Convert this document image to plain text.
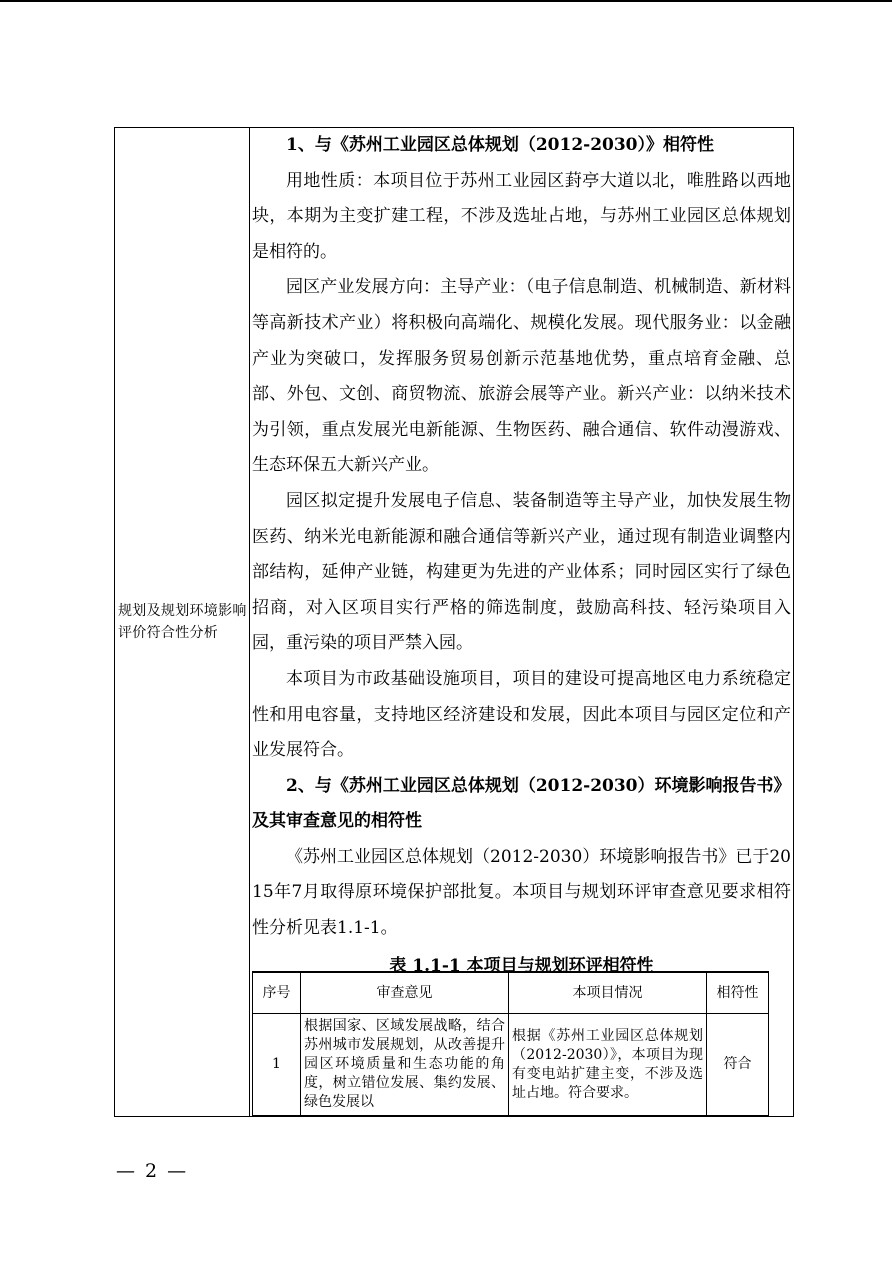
规划及规划环境影响评价符合性分析

1、与《苏州工业园区总体规划（2012-2030）》相符性

用地性质：本项目位于苏州工业园区葑亭大道以北，唯胜路以西地块，本期为主变扩建工程，不涉及选址占地，与苏州工业园区总体规划是相符的。

园区产业发展方向：主导产业：（电子信息制造、机械制造、新材料等高新技术产业）将积极向高端化、规模化发展。现代服务业：以金融产业为突破口，发挥服务贸易创新示范基地优势，重点培育金融、总部、外包、文创、商贸物流、旅游会展等产业。新兴产业：以纳米技术为引领，重点发展光电新能源、生物医药、融合通信、软件动漫游戏、生态环保五大新兴产业。

园区拟定提升发展电子信息、装备制造等主导产业，加快发展生物医药、纳米光电新能源和融合通信等新兴产业，通过现有制造业调整内部结构，延伸产业链，构建更为先进的产业体系；同时园区实行了绿色招商，对入区项目实行严格的筛选制度，鼓励高科技、轻污染项目入园，重污染的项目严禁入园。

本项目为市政基础设施项目，项目的建设可提高地区电力系统稳定性和用电容量，支持地区经济建设和发展，因此本项目与园区定位和产业发展符合。

2、与《苏州工业园区总体规划（2012-2030）环境影响报告书》

及其审查意见的相符性

《苏州工业园区总体规划（2012-2030）环境影响报告书》已于2015年7月取得原环境保护部批复。本项目与规划环评审查意见要求相符性分析见表1.1-1。

表 1.1-1 本项目与规划环评相符性

序号	审查意见	本项目情况	相符性
1	根据国家、区域发展战略，结合苏州城市发展规划，从改善提升园区环境质量和生态功能的角度，树立错位发展、集约发展、绿色发展以	根据《苏州工业园区总体规划（2012-2030）》，本项目为现有变电站扩建主变，不涉及选址占地。符合要求。	符合
— 2 —
